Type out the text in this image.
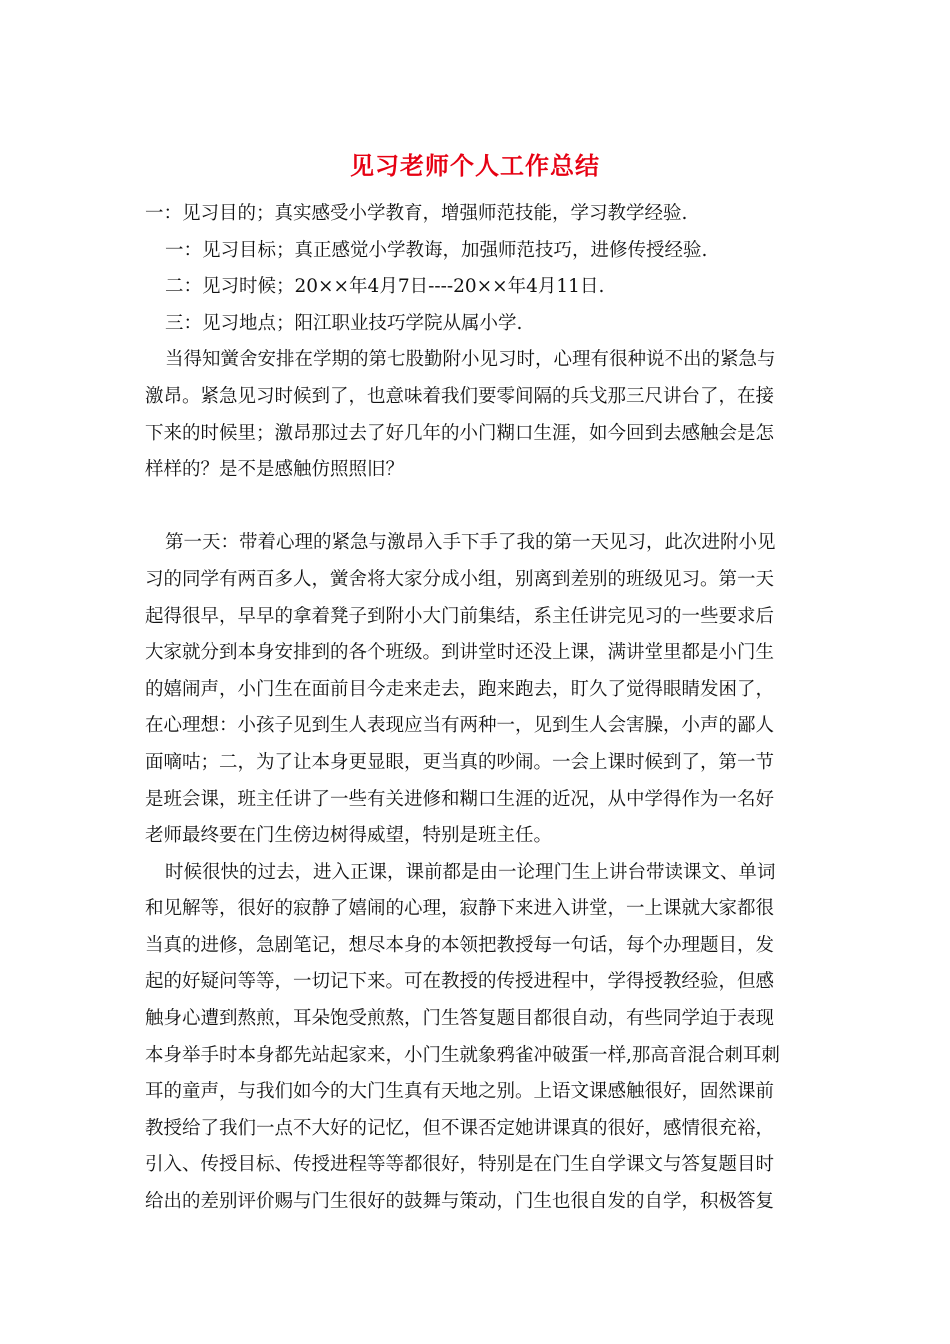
见习老师个人工作总结
一：见习目的；真实感受小学教育，增强师范技能，学习教学经验.
一：见习目标；真正感觉小学教诲，加强师范技巧，进修传授经验.
二：见习时候；20××年4月7日----20××年4月11日.
三：见习地点；阳江职业技巧学院从属小学.
当得知黉舍安排在学期的第七股勤附小见习时，心理有很种说不出的紧急与
激昂。紧急见习时候到了，也意味着我们要零间隔的兵戈那三尺讲台了，在接
下来的时候里；激昂那过去了好几年的小门糊口生涯，如今回到去感触会是怎
样样的？是不是感触仿照照旧？
第一天：带着心理的紧急与激昂入手下手了我的第一天见习，此次进附小见
习的同学有两百多人，黉舍将大家分成小组，别离到差别的班级见习。第一天
起得很早，早早的拿着凳子到附小大门前集结，系主任讲完见习的一些要求后
大家就分到本身安排到的各个班级。到讲堂时还没上课，满讲堂里都是小门生
的嬉闹声，小门生在面前目今走来走去，跑来跑去，盯久了觉得眼睛发困了，
在心理想：小孩子见到生人表现应当有两种一，见到生人会害臊，小声的鄙人
面嘀咕；二，为了让本身更显眼，更当真的吵闹。一会上课时候到了，第一节
是班会课，班主任讲了一些有关进修和糊口生涯的近况，从中学得作为一名好
老师最终要在门生傍边树得威望，特别是班主任。
时候很快的过去，进入正课，课前都是由一论理门生上讲台带读课文、单词
和见解等，很好的寂静了嬉闹的心理，寂静下来进入讲堂，一上课就大家都很
当真的进修，急剧笔记，想尽本身的本领把教授每一句话，每个办理题目，发
起的好疑问等等，一切记下来。可在教授的传授进程中，学得授教经验，但感
触身心遭到熬煎，耳朵饱受煎熬，门生答复题目都很自动，有些同学迫于表现
本身举手时本身都先站起家来，小门生就象鸦雀冲破蛋一样,那高音混合刺耳刺
耳的童声，与我们如今的大门生真有天地之别。上语文课感触很好，固然课前
教授给了我们一点不大好的记忆，但不课否定她讲课真的很好，感情很充裕，
引入、传授目标、传授进程等等都很好，特别是在门生自学课文与答复题目时
给出的差别评价赐与门生很好的鼓舞与策动，门生也很自发的自学，积极答复
